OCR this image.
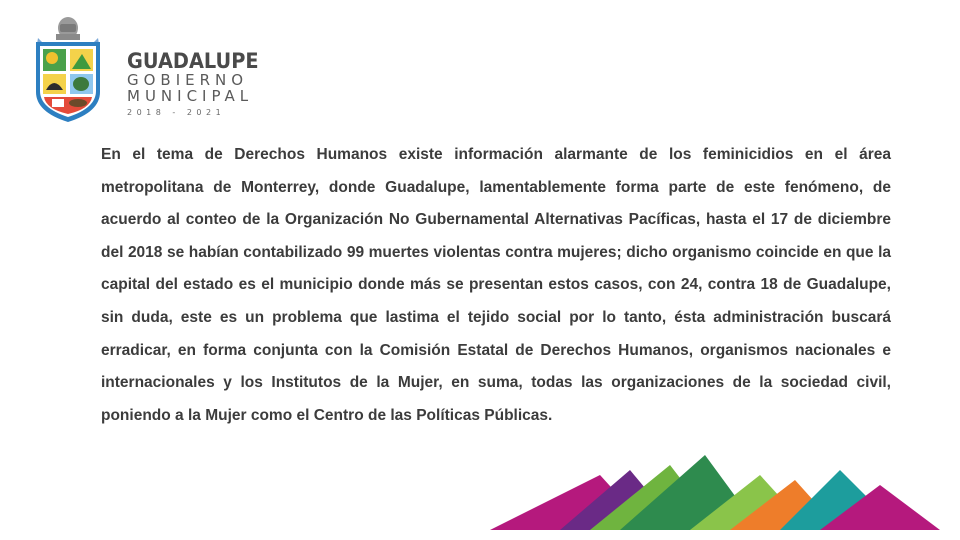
GUADALUPE
GOBIERNO
MUNICIPAL
2018 - 2021

En el tema de Derechos Humanos existe información alarmante de los feminicidios en el área metropolitana de Monterrey, donde Guadalupe, lamentablemente forma parte de este fenómeno, de acuerdo al conteo de la Organización No Gubernamental Alternativas Pacíficas, hasta el 17 de diciembre del 2018 se habían contabilizado 99 muertes violentas contra mujeres; dicho organismo coincide en que la capital del estado es el municipio donde más se presentan estos casos, con 24, contra 18 de Guadalupe, sin duda, este es un problema que lastima el tejido social por lo tanto, ésta administración buscará erradicar, en forma conjunta con la Comisión Estatal de Derechos Humanos, organismos nacionales e internacionales y los Institutos de la Mujer, en suma, todas las organizaciones de la sociedad civil, poniendo a la Mujer como el Centro de las Políticas Públicas.
